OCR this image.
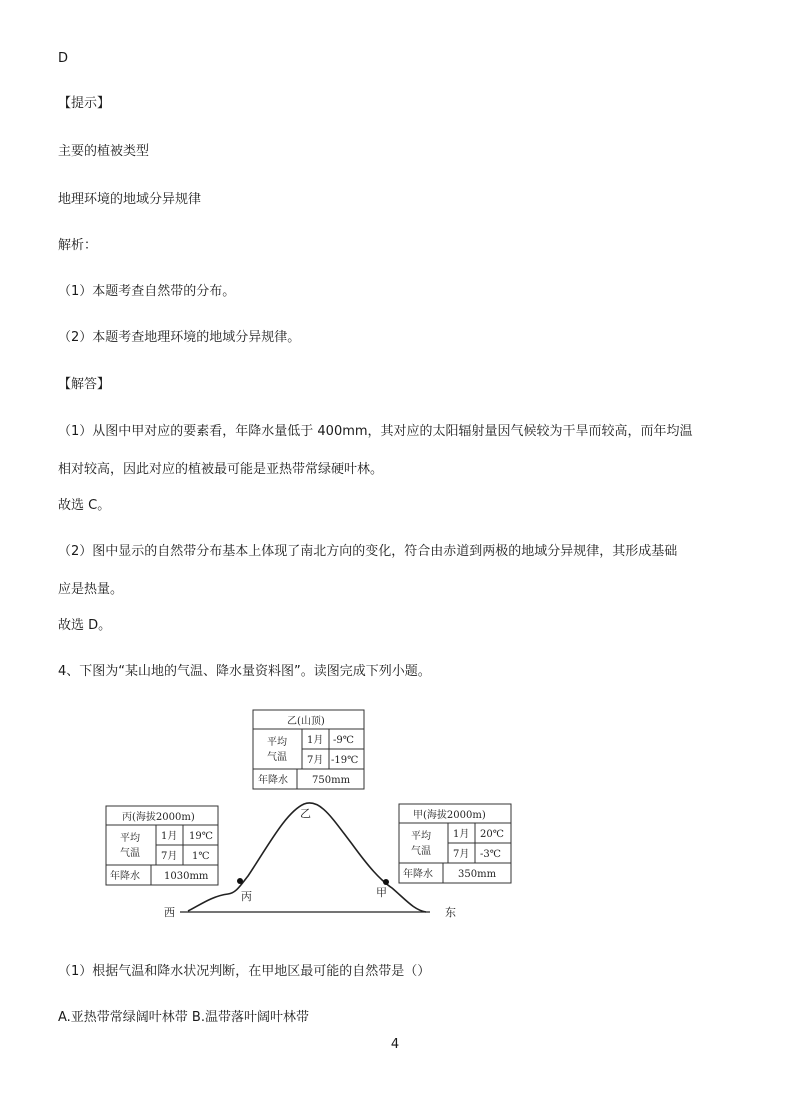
D
【提示】
主要的植被类型
地理环境的地域分异规律
解析：
（1）本题考查自然带的分布。
（2）本题考查地理环境的地域分异规律。
【解答】
（1）从图中甲对应的要素看，年降水量低于 400mm，其对应的太阳辐射量因气候较为干旱而较高，而年均温
相对较高，因此对应的植被最可能是亚热带常绿硬叶林。
故选 C。
（2）图中显示的自然带分布基本上体现了南北方向的变化，符合由赤道到两极的地域分异规律，其形成基础
应是热量。
故选 D。
4、下图为“某山地的气温、降水量资料图”。读图完成下列小题。
乙
丙	甲
西	东
乙(山顶)
平均
气温
1月 -9℃
7月 -19℃
年降水 750mm
丙(海拔2000m)
平均
气温
1月 19℃
7月 1℃
年降水 1030mm
甲(海拔2000m)
平均
气温
1月 20℃
7月 -3℃
年降水	350mm
（1）根据气温和降水状况判断，在甲地区最可能的自然带是（）
A.亚热带常绿阔叶林带 B.温带落叶阔叶林带
4
